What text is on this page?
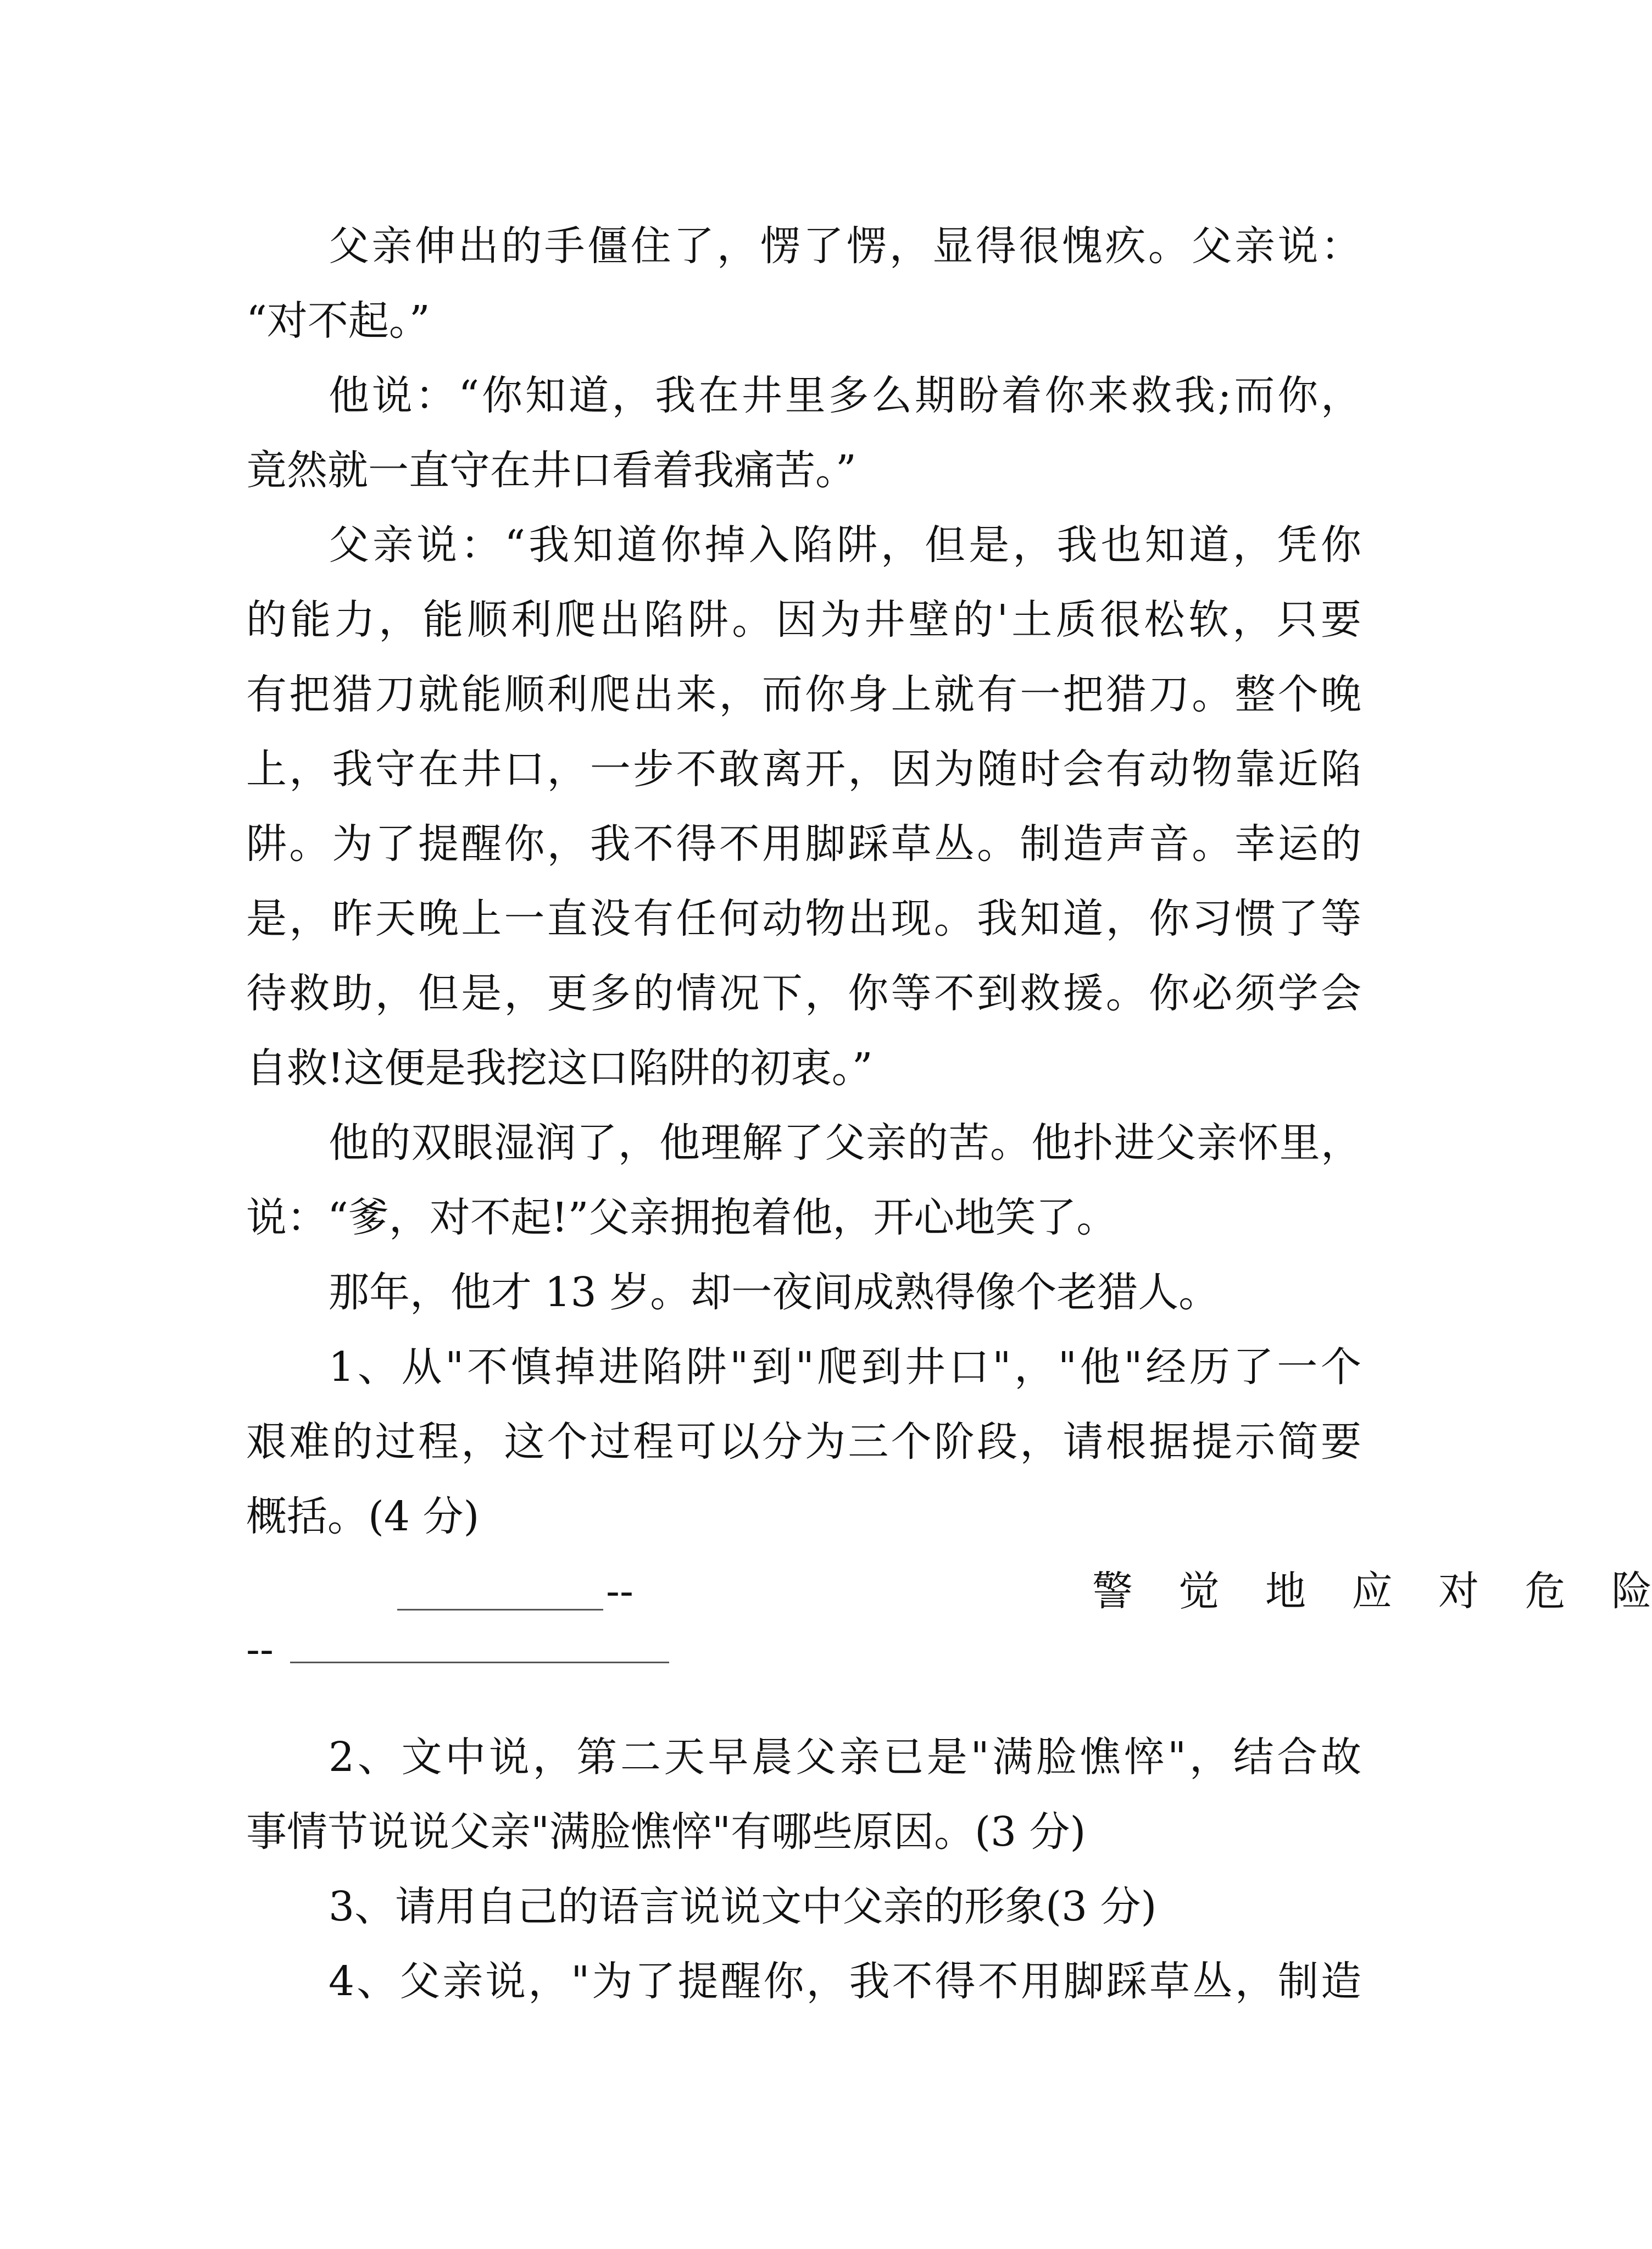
父亲伸出的手僵住了，愣了愣，显得很愧疚。父亲说：
“对不起。”
他说：“你知道，我在井里多么期盼着你来救我;而你，
竟然就一直守在井口看着我痛苦。”
父亲说：“我知道你掉入陷阱，但是，我也知道，凭你
的能力，能顺利爬出陷阱。因为井壁的'土质很松软，只要
有把猎刀就能顺利爬出来，而你身上就有一把猎刀。整个晚
上，我守在井口，一步不敢离开，因为随时会有动物靠近陷
阱。为了提醒你，我不得不用脚踩草丛。制造声音。幸运的
是，昨天晚上一直没有任何动物出现。我知道，你习惯了等
待救助，但是，更多的情况下，你等不到救援。你必须学会
自救!这便是我挖这口陷阱的初衷。”
他的双眼湿润了，他理解了父亲的苦。他扑进父亲怀里，
说：“爹，对不起!”父亲拥抱着他，开心地笑了。
那年，他才 13 岁。却一夜间成熟得像个老猎人。
1、从"不慎掉进陷阱"到"爬到井口"，"他"经历了一个
艰难的过程，这个过程可以分为三个阶段，请根据提示简要
概括。(4 分)
--	警 觉 地 应 对 危 险
--
2、文中说，第二天早晨父亲已是"满脸憔悴"，结合故
事情节说说父亲"满脸憔悴"有哪些原因。(3 分)
3、请用自己的语言说说文中父亲的形象(3 分)
4、父亲说，"为了提醒你，我不得不用脚踩草丛，制造
